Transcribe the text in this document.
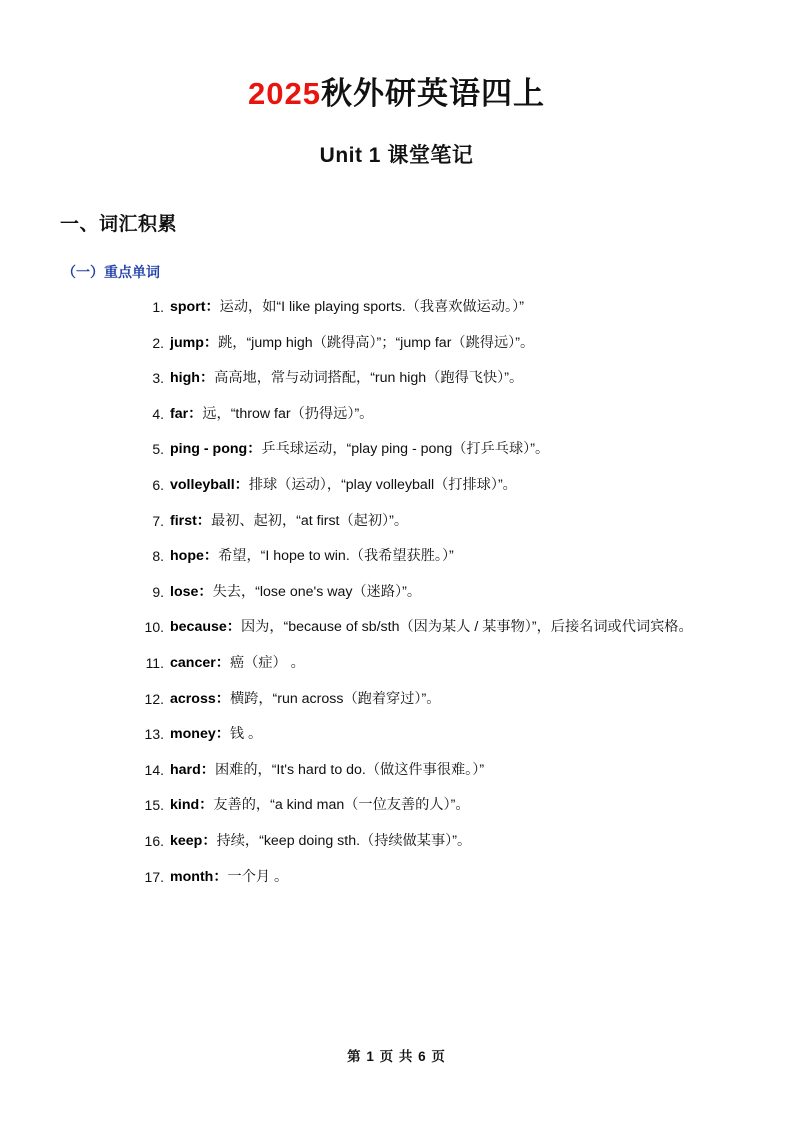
2025秋外研英语四上
Unit 1 课堂笔记
一、词汇积累
（一）重点单词
1. sport：运动，如“I like playing sports.（我喜欢做运动。）”
2. jump：跳，“jump high（跳得高）”；“jump far（跳得远）”。
3. high：高高地，常与动词搭配，“run high（跑得飞快）”。
4. far：远，“throw far（扔得远）”。
5. ping - pong：乒乓球运动，“play ping - pong（打乒乓球）”。
6. volleyball：排球（运动），“play volleyball（打排球）”。
7. first：最初、起初，“at first（起初）”。
8. hope：希望，“I hope to win.（我希望获胜。）”
9. lose：失去，“lose one's way（迷路）”。
10. because：因为，“because of sb/sth（因为某人 / 某事物）”，后接名词或代词宾格。
11. cancer：癌（症） 。
12. across：横跨，“run across（跑着穿过）”。
13. money：钱 。
14. hard：困难的，“It's hard to do.（做这件事很难。）”
15. kind：友善的，“a kind man（一位友善的人）”。
16. keep：持续，“keep doing sth.（持续做某事）”。
17. month：一个月 。
第 1 页 共 6 页
